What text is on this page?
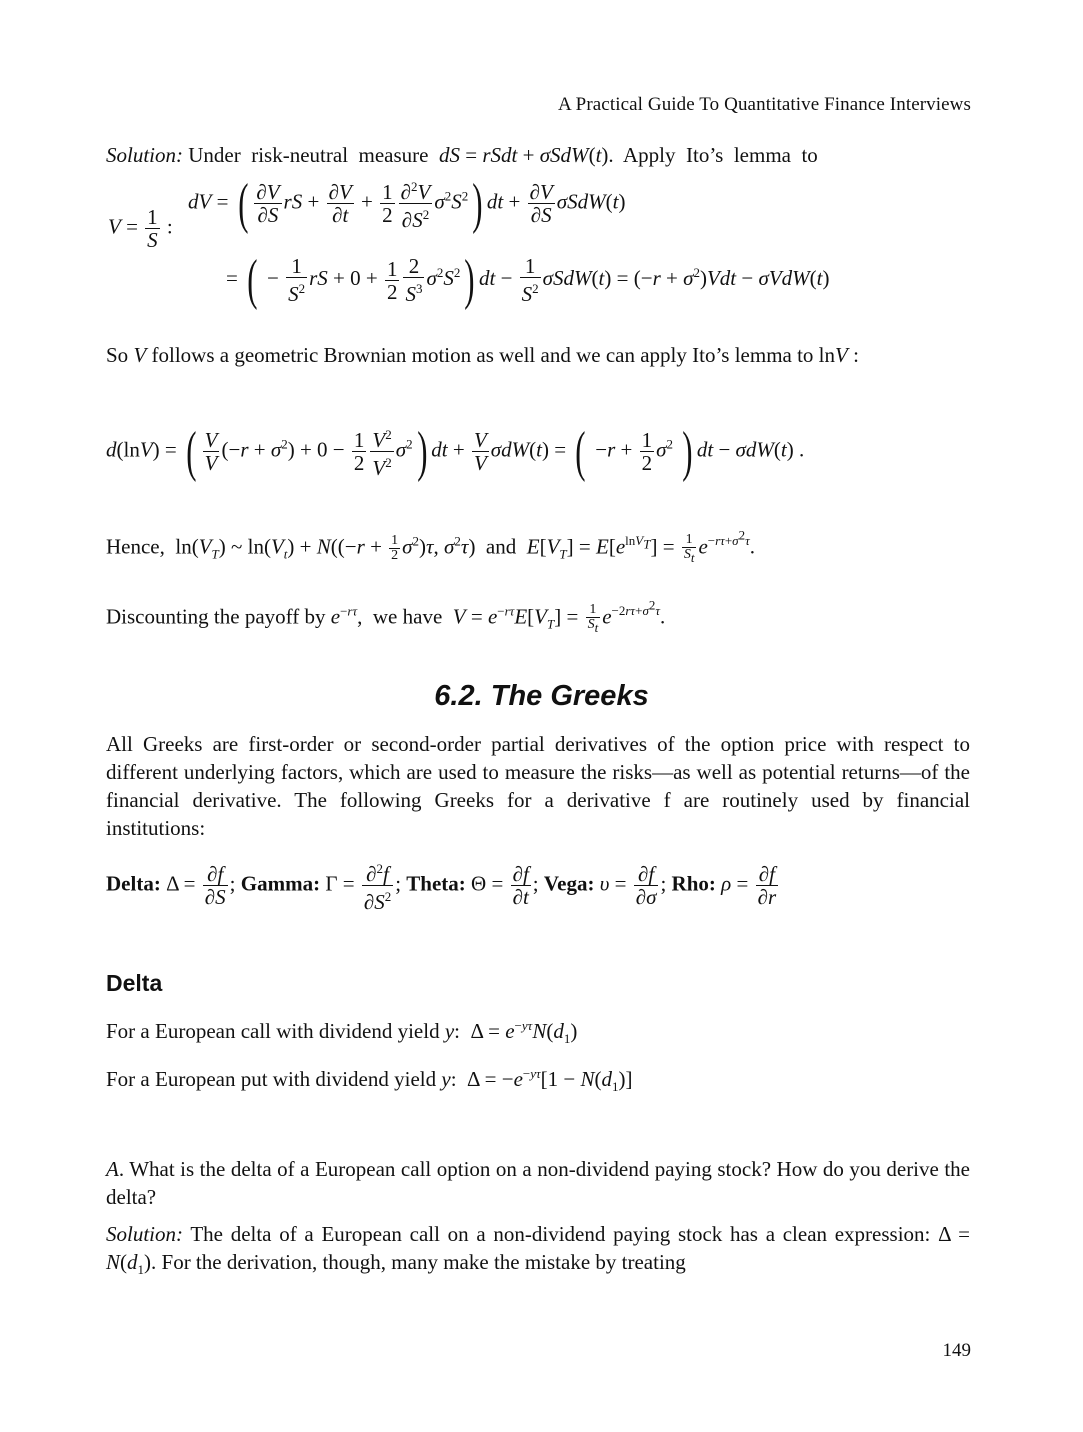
A Practical Guide To Quantitative Finance Interviews
Solution: Under  risk-neutral  measure  dS = rSdt + σSdW(t).  Apply  Ito’s  lemma  to
$V = \frac{1}{S}$ :
dV = ( $\frac{\partial V}{\partial S}$ rS + $\frac{\partial V}{\partial t} + \frac{1}{2} \frac{\partial^2V}{\partial S^2} \sigma^2S^2$) dt + $\frac{\partial V}{\partial S} \sigma SdW(t)$
= ( − $\frac{1}{S^2}$ rS + $0 + \frac{1}{2} \frac{2}{S^3} \sigma^2S^2$) dt − $\frac{1}{S^2} \sigma SdW(t) = (-r + \sigma^2)Vdt - \sigma VdW(t)$
So V follows a geometric Brownian motion as well and we can apply Ito’s lemma to lnV :
d(lnV) = ( $\frac{V}{V} (-r + \sigma^2) + 0 - \frac{1}{2} \frac{V^2}{V^2} \sigma^2$) dt + $\frac{V}{V} \sigma dW(t)$ = ( $-r + \frac{1}{2} \sigma^2$ ) dt − σdW(t) .
Hence,  $\ln(V_T)$ ~ $\ln(V_t) + N((-r + \frac{1}{2} \sigma^2)\tau$, $\sigma^2\tau$)  and  $E[V_T] = E[e^{lnV_T}] = \frac{1}{S_t} e^{-r\tau+\sigma^2\tau}$.
Discounting the payoff by $e^{-r\tau}$,  we have  $V = e^{-r\tau}E[V_T] = \frac{1}{S_t} e^{-2r\tau+\sigma^2\tau}$.
6.2. The Greeks
All Greeks are first-order or second-order partial derivatives of the option price with respect to different underlying factors, which are used to measure the risks—as well as potential returns—of the financial derivative. The following Greeks for a derivative f are routinely used by financial institutions:
Delta: $\Delta = \frac{\partial f}{\partial S}$ ; Gamma: $\Gamma = \frac{\partial^2f}{\partial S^2}$ ; Theta: $\Theta = \frac{\partial f}{\partial t}$ ; Vega: $\upsilon = \frac{\partial f}{\partial\sigma}$ ; Rho: $\rho = \frac{\partial f}{\partial r}$
Delta
For a European call with dividend yield y:  $\Delta = e^{-y\tau}N(d_1)$
For a European put with dividend yield y:  $\Delta = -e^{-y\tau}[1 - N(d_1)]$
A. What is the delta of a European call option on a non-dividend paying stock? How do you derive the delta?
Solution: The delta of a European call on a non-dividend paying stock has a clean expression: $\Delta = N(d_1)$. For the derivation, though, many make the mistake by treating
149
